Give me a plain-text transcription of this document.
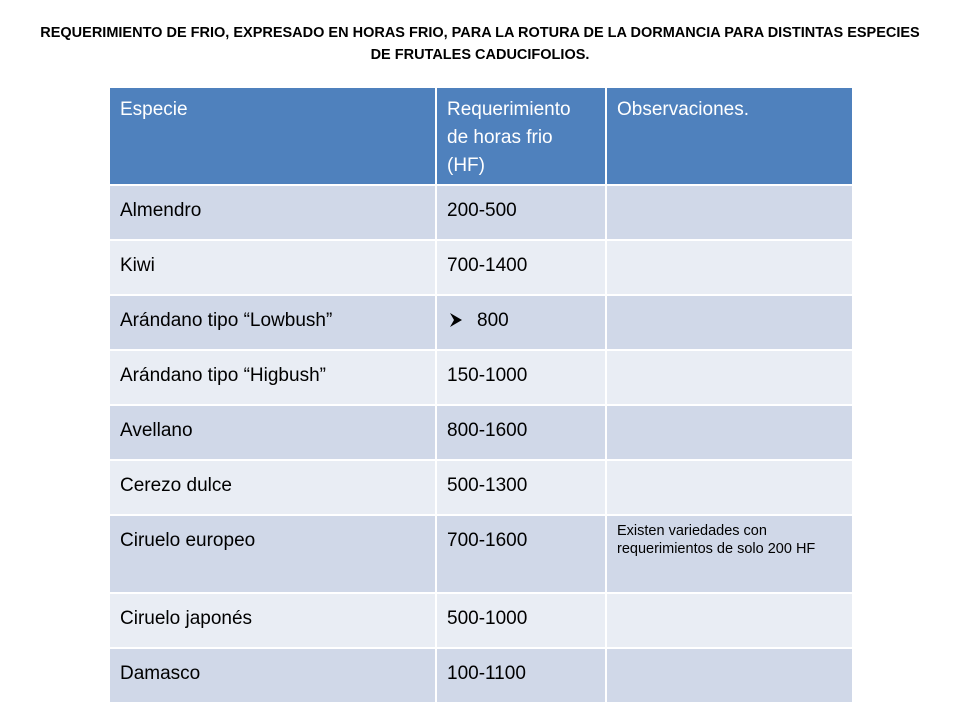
REQUERIMIENTO DE FRIO, EXPRESADO EN HORAS FRIO, PARA LA ROTURA DE LA DORMANCIA PARA DISTINTAS ESPECIES DE FRUTALES CADUCIFOLIOS.
Especie	Requerimiento de horas frio (HF)	Observaciones.
Almendro	200-500	
Kiwi	700-1400	
Arándano tipo “Lowbush”	800	
Arándano tipo “Higbush”	150-1000	
Avellano	800-1600	
Cerezo dulce	500-1300	
Ciruelo europeo	700-1600	Existen variedades con requerimientos de solo 200 HF
Ciruelo japonés	500-1000	
Damasco	100-1100	
